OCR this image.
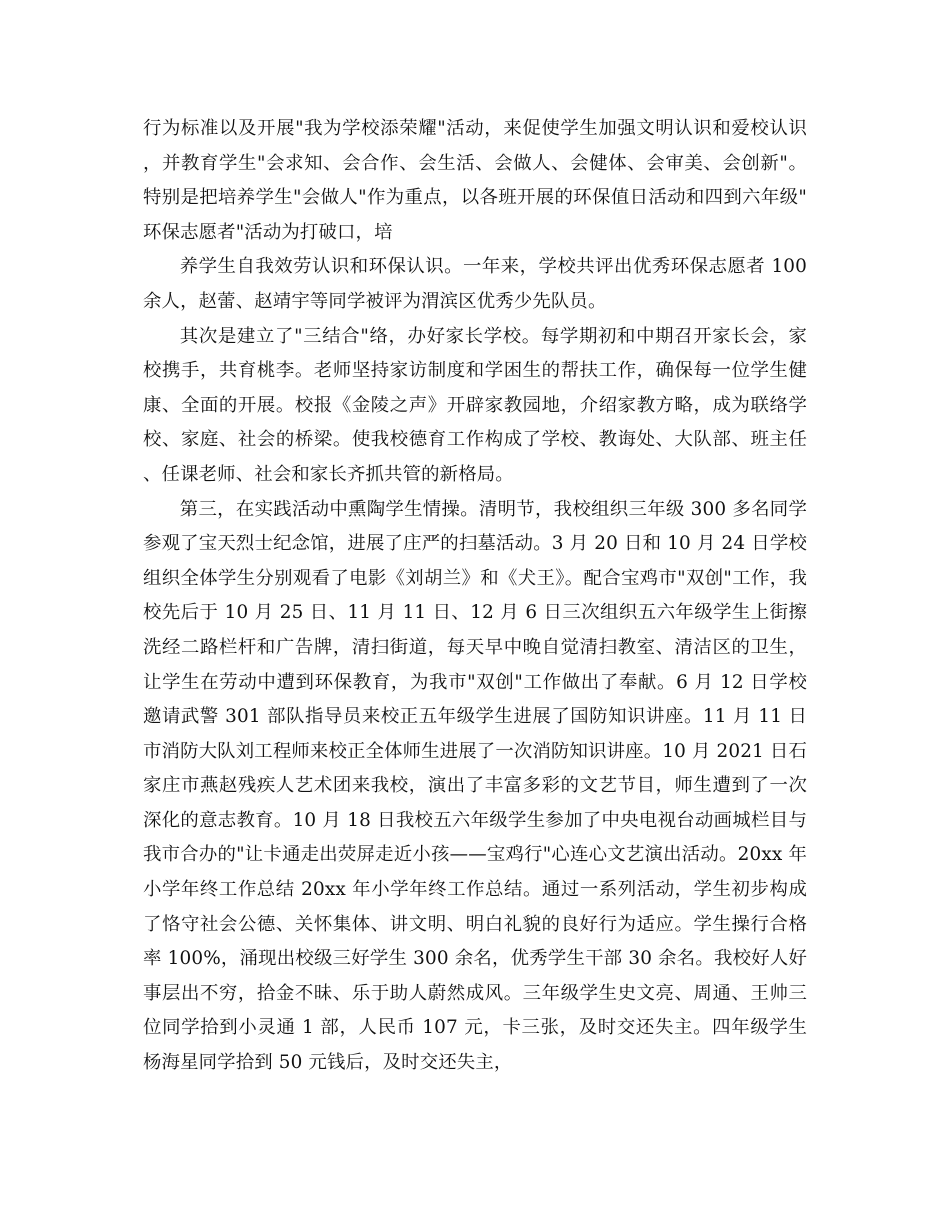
行为标准以及开展"我为学校添荣耀"活动，来促使学生加强文明认识和爱校认识，并教育学生"会求知、会合作、会生活、会做人、会健体、会审美、会创新"。特别是把培养学生"会做人"作为重点，以各班开展的环保值日活动和四到六年级"环保志愿者"活动为打破口，培

养学生自我效劳认识和环保认识。一年来，学校共评出优秀环保志愿者 100 余人，赵蕾、赵靖宇等同学被评为渭滨区优秀少先队员。

其次是建立了"三结合"络，办好家长学校。每学期初和中期召开家长会，家校携手，共育桃李。老师坚持家访制度和学困生的帮扶工作，确保每一位学生健康、全面的开展。校报《金陵之声》开辟家教园地，介绍家教方略，成为联络学校、家庭、社会的桥梁。使我校德育工作构成了学校、教诲处、大队部、班主任、任课老师、社会和家长齐抓共管的新格局。

第三，在实践活动中熏陶学生情操。清明节，我校组织三年级 300 多名同学参观了宝天烈士纪念馆，进展了庄严的扫墓活动。3 月 20 日和 10 月 24 日学校组织全体学生分别观看了电影《刘胡兰》和《犬王》。配合宝鸡市"双创"工作，我校先后于 10 月 25 日、11 月 11 日、12 月 6 日三次组织五六年级学生上街擦洗经二路栏杆和广告牌，清扫街道，每天早中晚自觉清扫教室、清洁区的卫生，让学生在劳动中遭到环保教育，为我市"双创"工作做出了奉献。6 月 12 日学校邀请武警 301 部队指导员来校正五年级学生进展了国防知识讲座。11 月 11 日市消防大队刘工程师来校正全体师生进展了一次消防知识讲座。10 月 2021 日石家庄市燕赵残疾人艺术团来我校，演出了丰富多彩的文艺节目，师生遭到了一次深化的意志教育。10 月 18 日我校五六年级学生参加了中央电视台动画城栏目与我市合办的"让卡通走出荧屏走近小孩——宝鸡行"心连心文艺演出活动。20xx 年小学年终工作总结 20xx 年小学年终工作总结。通过一系列活动，学生初步构成了恪守社会公德、关怀集体、讲文明、明白礼貌的良好行为适应。学生操行合格率 100%，涌现出校级三好学生 300 余名，优秀学生干部 30 余名。我校好人好事层出不穷，拾金不昧、乐于助人蔚然成风。三年级学生史文亮、周通、王帅三位同学拾到小灵通 1 部，人民币 107 元，卡三张，及时交还失主。四年级学生杨海星同学拾到 50 元钱后，及时交还失主，
